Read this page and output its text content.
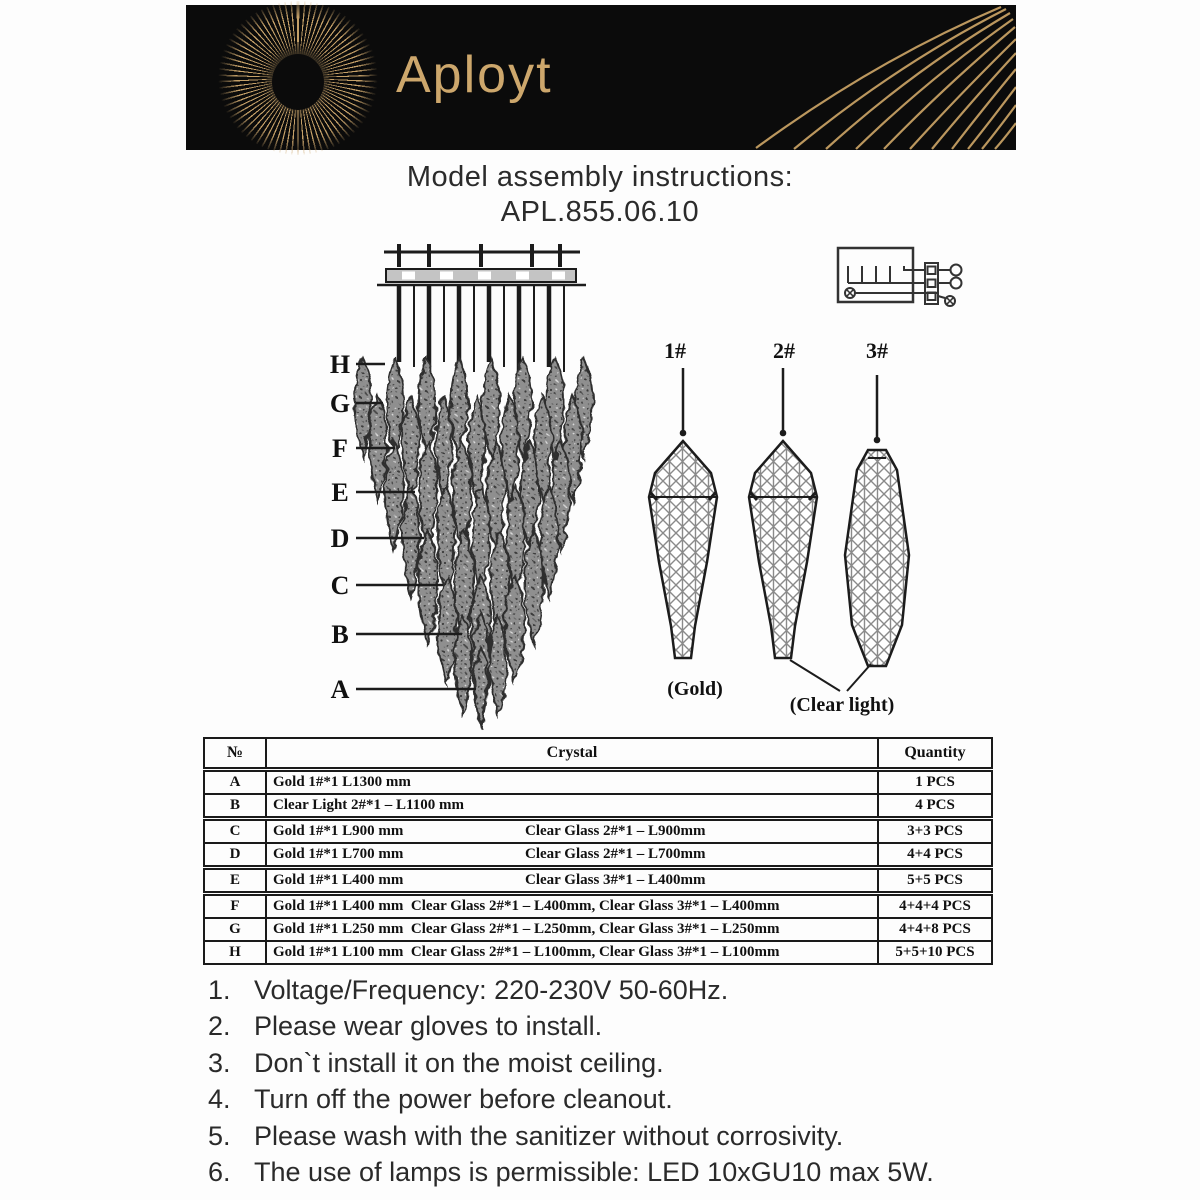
Aployt
Model assembly instructions:
APL.855.06.10
H
G
F
E
D
C
B
A
1#	2#	3#
(Gold)
(Clear light)
№	Crystal	Quantity
A	Gold 1#*1 L1300 mm	1 PCS
B	Clear Light 2#*1 – L1100 mm	4 PCS
C	Gold 1#*1 L900 mm Clear Glass 2#*1 – L900mm	3+3 PCS
D	Gold 1#*1 L700 mm Clear Glass 2#*1 – L700mm	4+4 PCS
E	Gold 1#*1 L400 mm Clear Glass 3#*1 – L400mm	5+5 PCS
F	Gold 1#*1 L400 mm  Clear Glass 2#*1 – L400mm, Clear Glass 3#*1 – L400mm	4+4+4 PCS
G	Gold 1#*1 L250 mm  Clear Glass 2#*1 – L250mm, Clear Glass 3#*1 – L250mm	4+4+8 PCS
H	Gold 1#*1 L100 mm  Clear Glass 2#*1 – L100mm, Clear Glass 3#*1 – L100mm	5+5+10 PCS
1. Voltage/Frequency: 220-230V 50-60Hz.
2. Please wear gloves to install.
3. Don`t install it on the moist ceiling.
4. Turn off the power before cleanout.
5. Please wash with the sanitizer without corrosivity.
6. The use of lamps is permissible: LED 10xGU10 max 5W.
